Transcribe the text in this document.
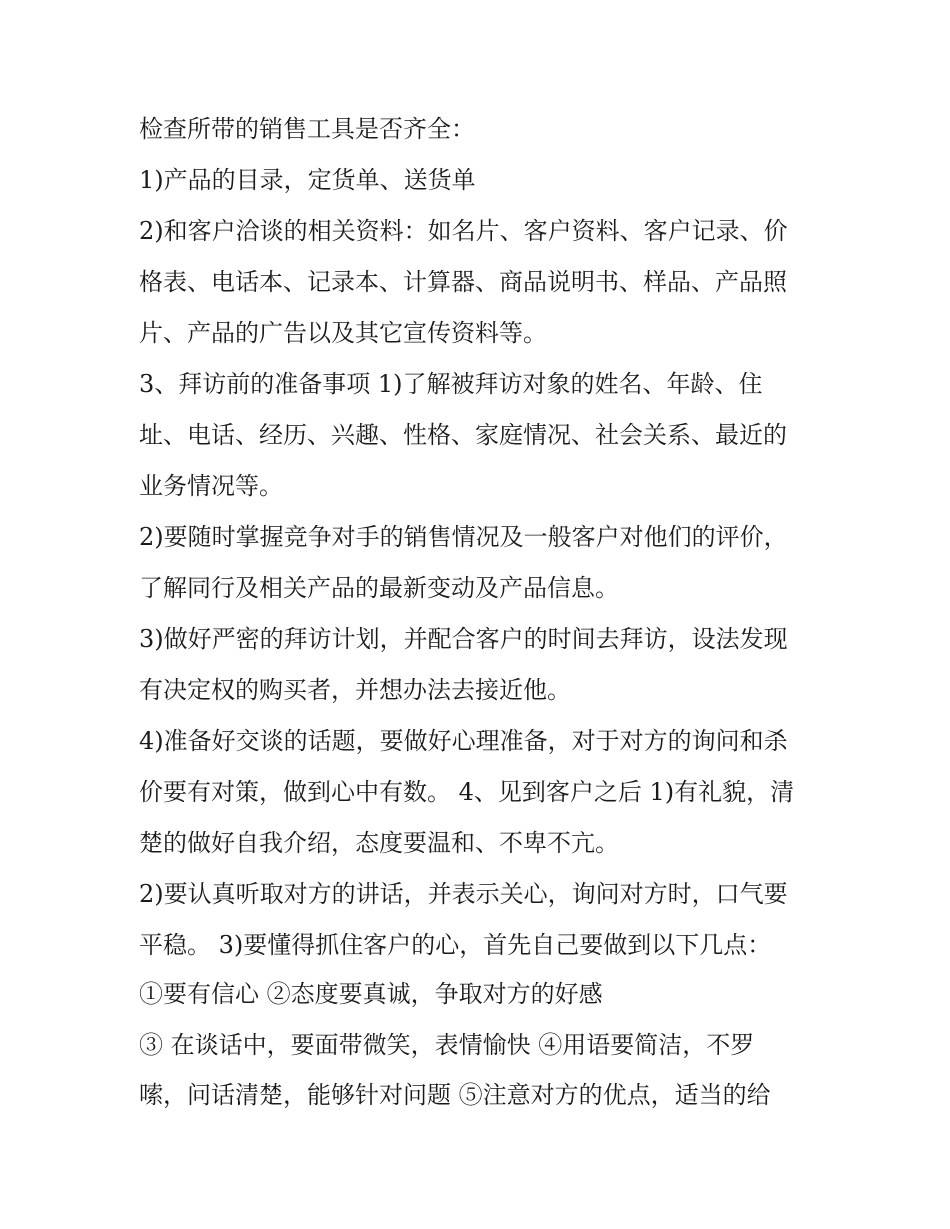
检查所带的销售工具是否齐全：
1)产品的目录，定货单、送货单
2)和客户洽谈的相关资料：如名片、客户资料、客户记录、价
格表、电话本、记录本、计算器、商品说明书、样品、产品照
片、产品的广告以及其它宣传资料等。
3、拜访前的准备事项 1)了解被拜访对象的姓名、年龄、住
址、电话、经历、兴趣、性格、家庭情况、社会关系、最近的
业务情况等。
2)要随时掌握竞争对手的销售情况及一般客户对他们的评价，
了解同行及相关产品的最新变动及产品信息。
3)做好严密的拜访计划，并配合客户的时间去拜访，设法发现
有决定权的购买者，并想办法去接近他。
4)准备好交谈的话题，要做好心理准备，对于对方的询问和杀
价要有对策，做到心中有数。 4、见到客户之后 1)有礼貌，清
楚的做好自我介绍，态度要温和、不卑不亢。
2)要认真听取对方的讲话，并表示关心，询问对方时，口气要
平稳。 3)要懂得抓住客户的心，首先自己要做到以下几点：
①要有信心 ②态度要真诚，争取对方的好感
③ 在谈话中，要面带微笑，表情愉快 ④用语要简洁，不罗
嗦，问话清楚，能够针对问题 ⑤注意对方的优点，适当的给
